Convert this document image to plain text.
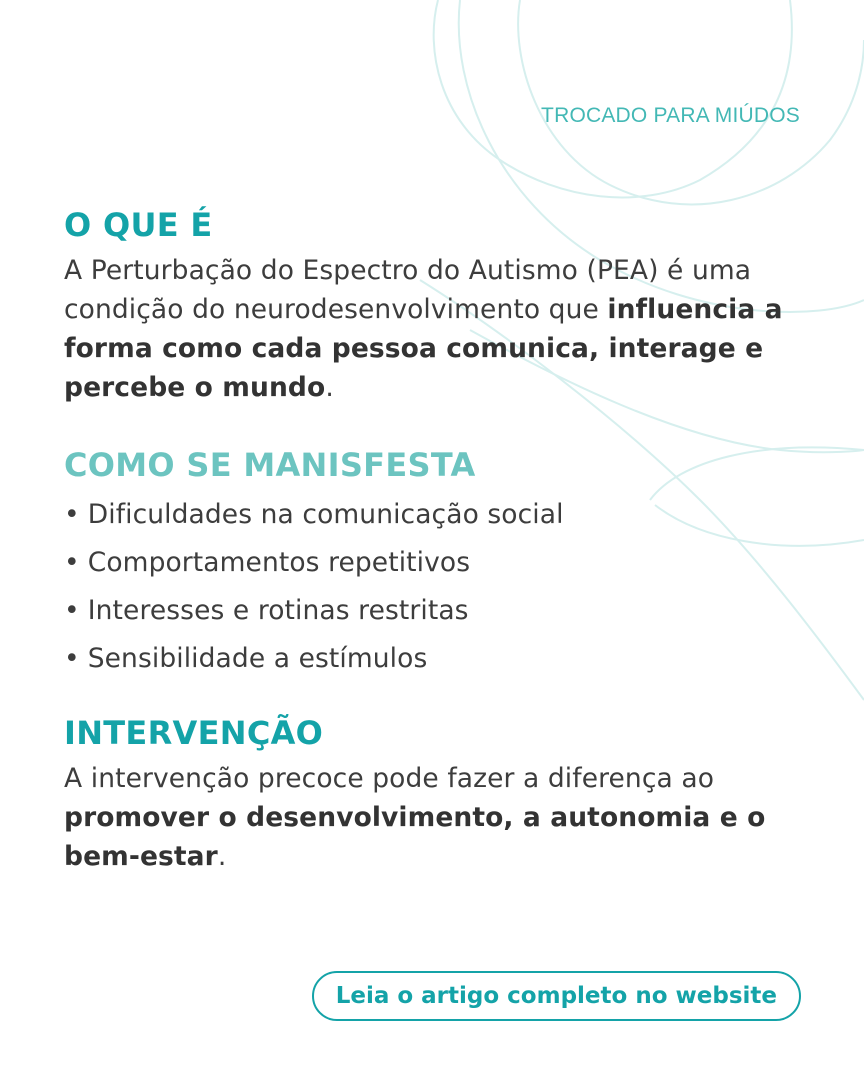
TROCADO PARA MIÚDOS
O QUE É

A Perturbação do Espectro do Autismo (PEA) é uma condição do neurodesenvolvimento que influencia a forma como cada pessoa comunica, interage e percebe o mundo.

COMO SE MANISFESTA
• Dificuldades na comunicação social
• Comportamentos repetitivos
• Interesses e rotinas restritas
• Sensibilidade a estímulos
INTERVENÇÃO

A intervenção precoce pode fazer a diferença ao promover o desenvolvimento, a autonomia e o bem-estar.

Leia o artigo completo no website
